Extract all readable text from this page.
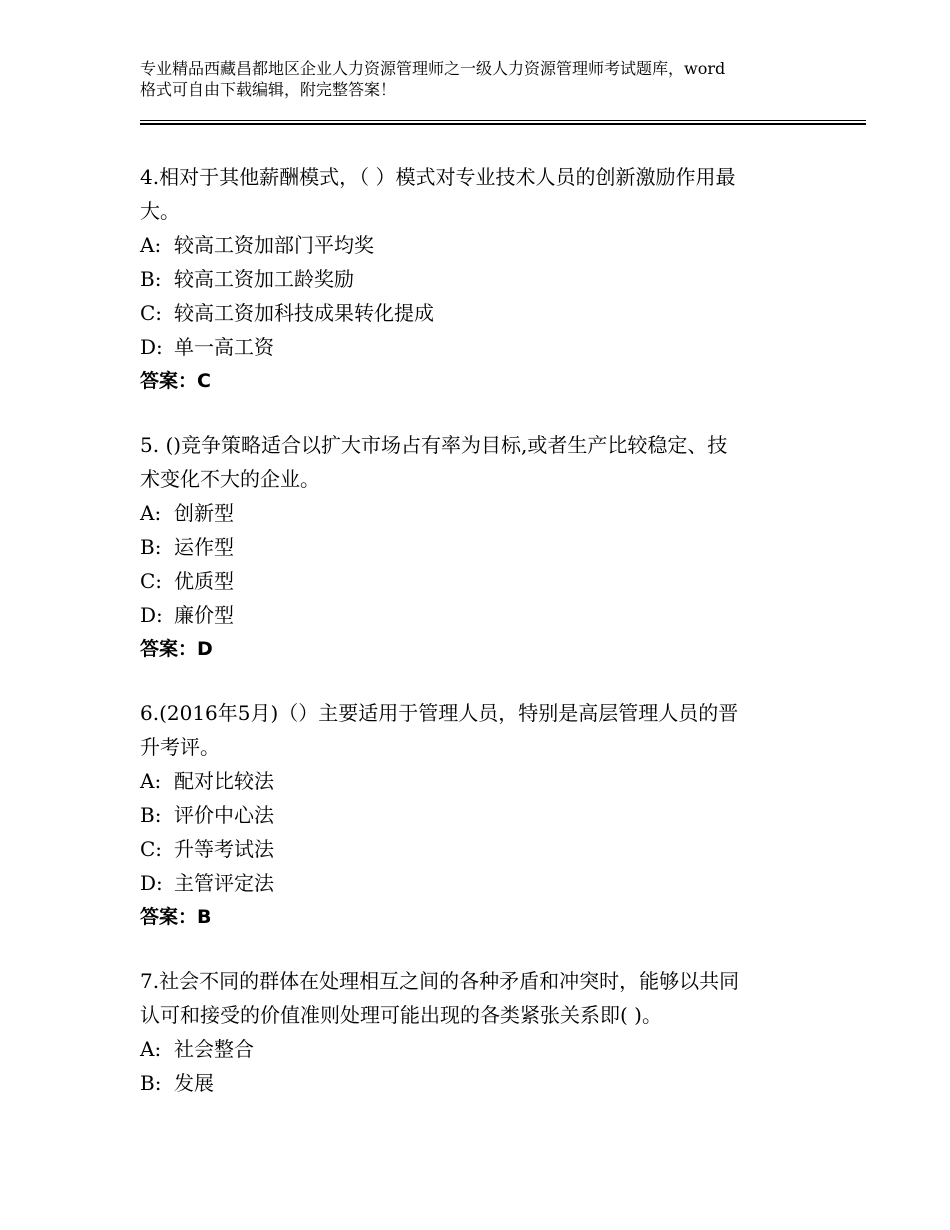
专业精品西藏昌都地区企业人力资源管理师之一级人力资源管理师考试题库，word
格式可自由下载编辑，附完整答案！
4.相对于其他薪酬模式，（ ）模式对专业技术人员的创新激励作用最
大。
A: 较高工资加部门平均奖
B: 较高工资加工龄奖励
C: 较高工资加科技成果转化提成
D: 单一高工资
答案：C
5. ()竞争策略适合以扩大市场占有率为目标,或者生产比较稳定、技
术变化不大的企业。
A: 创新型
B: 运作型
C: 优质型
D: 廉价型
答案：D
6.(2016年5月)（）主要适用于管理人员，特别是高层管理人员的晋
升考评。
A: 配对比较法
B: 评价中心法
C: 升等考试法
D: 主管评定法
答案：B
7.社会不同的群体在处理相互之间的各种矛盾和冲突时，能够以共同
认可和接受的价值准则处理可能出现的各类紧张关系即( )。
A: 社会整合
B: 发展
